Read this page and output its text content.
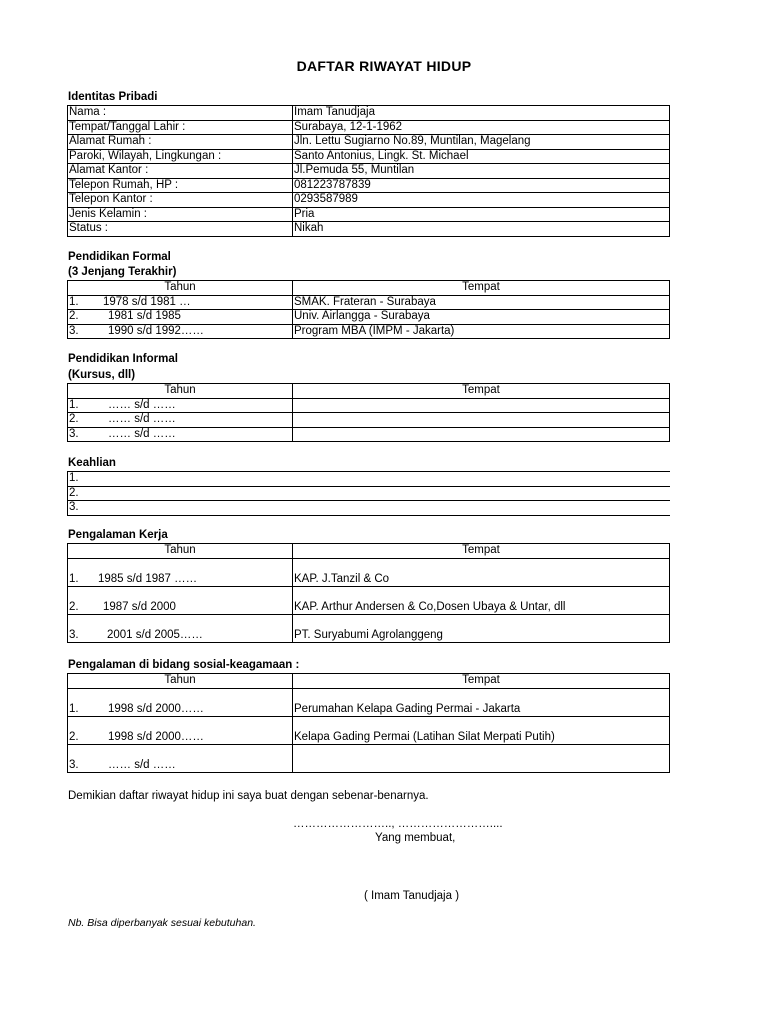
DAFTAR RIWAYAT HIDUP
Identitas Pribadi
Nama :	Imam Tanudjaja
Tempat/Tanggal Lahir :	Surabaya, 12-1-1962
Alamat Rumah :	Jln. Lettu Sugiarno No.89, Muntilan, Magelang
Paroki, Wilayah, Lingkungan :	Santo Antonius, Lingk. St. Michael
Alamat Kantor :	Jl.Pemuda 55, Muntilan
Telepon Rumah, HP :	081223787839
Telepon Kantor :	0293587989
Jenis Kelamin :	Pria
Status :	Nikah
Pendidikan Formal
(3 Jenjang Terakhir)
Tahun	Tempat
1. 1978 s/d 1981 …	SMAK. Frateran - Surabaya
2. 1981 s/d 1985	Univ. Airlangga - Surabaya
3. 1990 s/d 1992……	Program MBA (IMPM - Jakarta)
Pendidikan Informal
(Kursus, dll)
Tahun	Tempat
1. …… s/d ……	
2. …… s/d ……	
3. …… s/d ……	
Keahlian
1.
2.
3.
Pengalaman Kerja
Tahun	Tempat
1. 1985 s/d 1987 ……	KAP. J.Tanzil & Co
2. 1987 s/d 2000	KAP. Arthur Andersen & Co,Dosen Ubaya & Untar, dll
3. 2001 s/d 2005……	PT. Suryabumi Agrolanggeng
Pengalaman di bidang sosial-keagamaan :
Tahun	Tempat
1. 1998 s/d 2000……	Perumahan Kelapa Gading Permai - Jakarta
2. 1998 s/d 2000……	Kelapa Gading Permai (Latihan Silat Merpati Putih)
3. …… s/d ……	
Demikian daftar riwayat hidup ini saya buat dengan sebenar-benarnya.
…………………….., ……………………....
Yang membuat,
( Imam Tanudjaja )
Nb. Bisa diperbanyak sesuai kebutuhan.
